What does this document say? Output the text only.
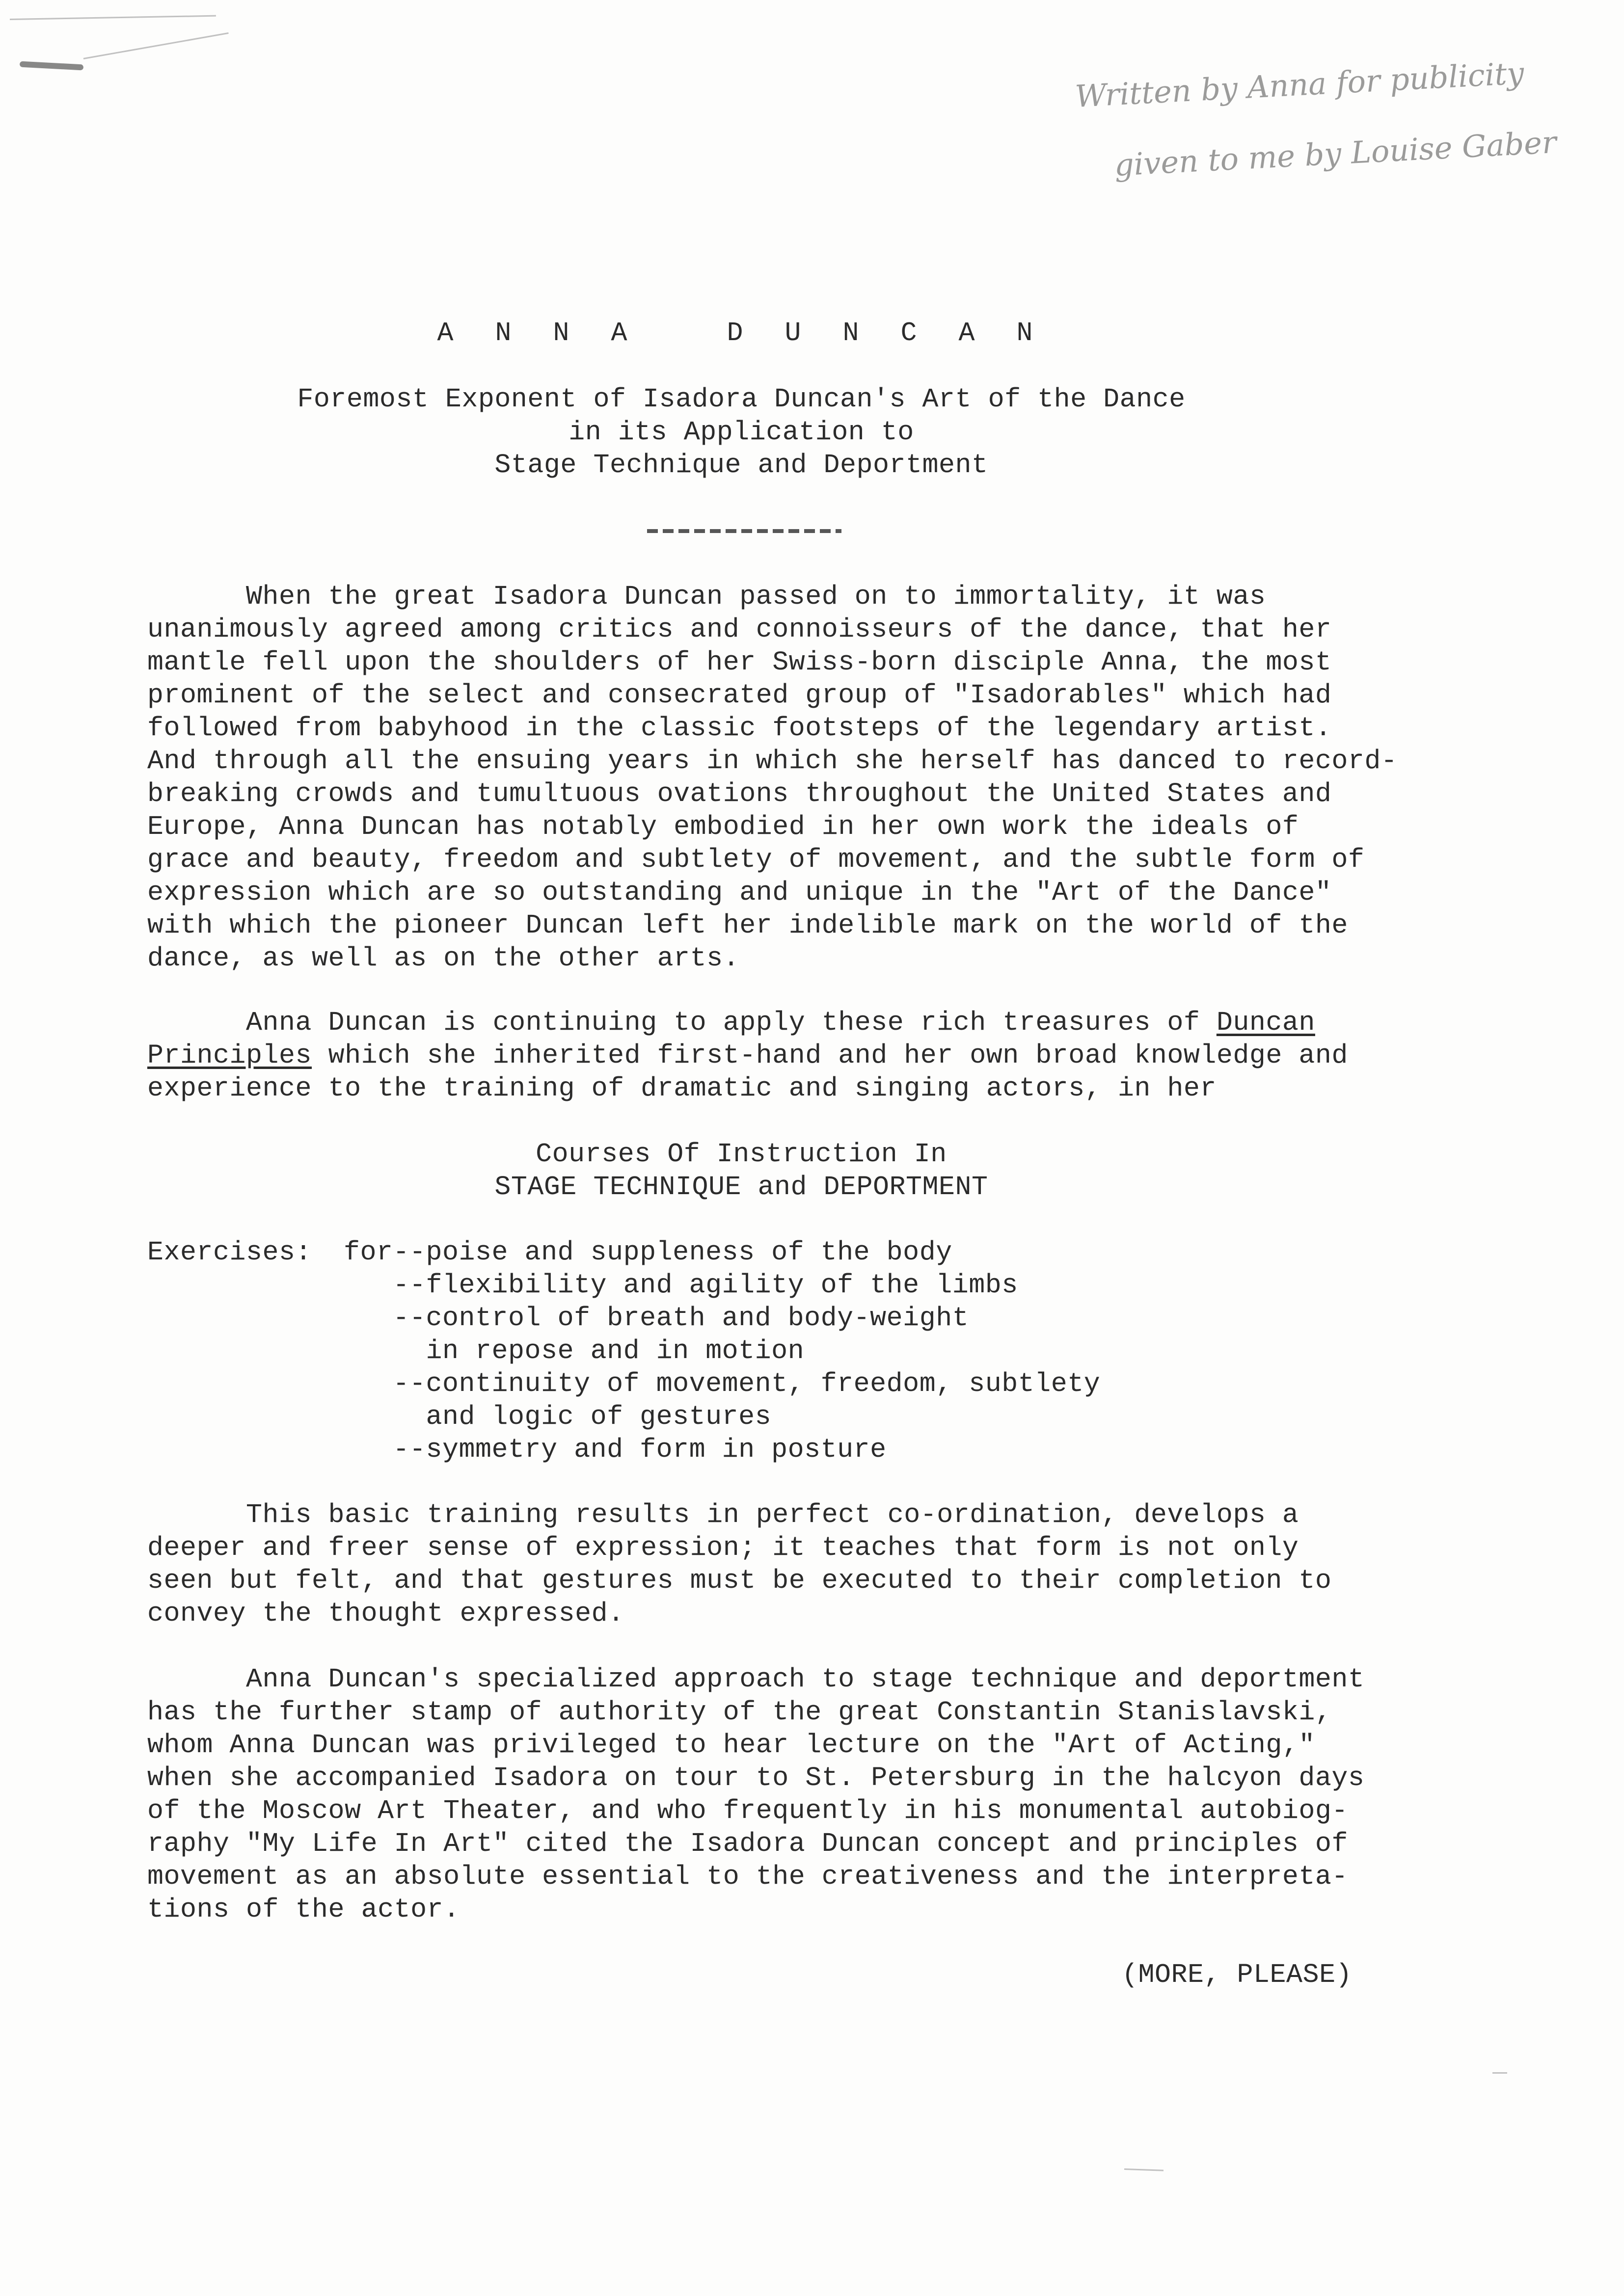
Written by Anna for publicity
given to me by Louise Gaber
A N N A   D U N C A N
Foremost Exponent of Isadora Duncan's Art of the Dance
in its Application to
Stage Technique and Deportment
When the great Isadora Duncan passed on to immortality, it was
unanimously agreed among critics and connoisseurs of the dance, that her
mantle fell upon the shoulders of her Swiss-born disciple Anna, the most
prominent of the select and consecrated group of "Isadorables" which had
followed from babyhood in the classic footsteps of the legendary artist.
And through all the ensuing years in which she herself has danced to record-
breaking crowds and tumultuous ovations throughout the United States and
Europe, Anna Duncan has notably embodied in her own work the ideals of
grace and beauty, freedom and subtlety of movement, and the subtle form of
expression which are so outstanding and unique in the "Art of the Dance"
with which the pioneer Duncan left her indelible mark on the world of the
dance, as well as on the other arts.
Anna Duncan is continuing to apply these rich treasures of Duncan
Principles which she inherited first-hand and her own broad knowledge and
experience to the training of dramatic and singing actors, in her
Courses Of Instruction In
STAGE TECHNIQUE and DEPORTMENT
Exercises: for--poise and suppleness of the body
--flexibility and agility of the limbs
--control of breath and body-weight
in repose and in motion
--continuity of movement, freedom, subtlety
and logic of gestures
--symmetry and form in posture
This basic training results in perfect co-ordination, develops a
deeper and freer sense of expression; it teaches that form is not only
seen but felt, and that gestures must be executed to their completion to
convey the thought expressed.
Anna Duncan's specialized approach to stage technique and deportment
has the further stamp of authority of the great Constantin Stanislavski,
whom Anna Duncan was privileged to hear lecture on the "Art of Acting,"
when she accompanied Isadora on tour to St. Petersburg in the halcyon days
of the Moscow Art Theater, and who frequently in his monumental autobiog-
raphy "My Life In Art" cited the Isadora Duncan concept and principles of
movement as an absolute essential to the creativeness and the interpreta-
tions of the actor.
(MORE, PLEASE)
